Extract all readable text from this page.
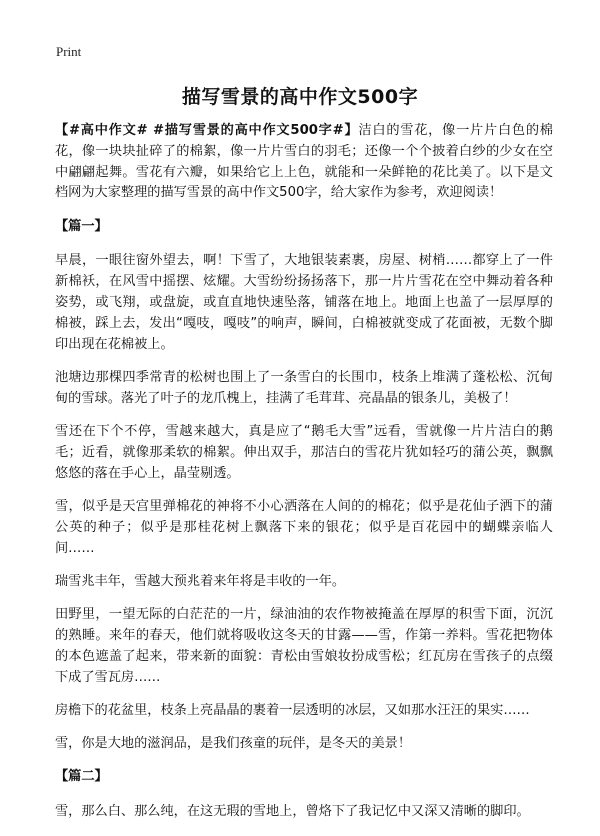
Print
描写雪景的高中作文500字

【#高中作文# #描写雪景的高中作文500字#】洁白的雪花，像一片片白色的棉花，像一块块扯碎了的棉絮，像一片片雪白的羽毛；还像一个个披着白纱的少女在空中翩翩起舞。雪花有六瓣，如果给它上上色，就能和一朵鲜艳的花比美了。以下是文档网为大家整理的描写雪景的高中作文500字，给大家作为参考，欢迎阅读！

【篇一】

早晨，一眼往窗外望去，啊！下雪了，大地银装素裹，房屋、树梢……都穿上了一件新棉袄，在风雪中摇摆、炫耀。大雪纷纷扬扬落下，那一片片雪花在空中舞动着各种姿势，或飞翔，或盘旋，或直直地快速坠落，铺落在地上。地面上也盖了一层厚厚的棉被，踩上去，发出“嘎吱，嘎吱”的响声，瞬间，白棉被就变成了花面被，无数个脚印出现在花棉被上。

池塘边那棵四季常青的松树也围上了一条雪白的长围巾，枝条上堆满了蓬松松、沉甸甸的雪球。落光了叶子的龙爪槐上，挂满了毛茸茸、亮晶晶的银条儿，美极了！

雪还在下个不停，雪越来越大，真是应了“鹅毛大雪”远看，雪就像一片片洁白的鹅毛；近看，就像那柔软的棉絮。伸出双手，那洁白的雪花片犹如轻巧的蒲公英，飘飘悠悠的落在手心上，晶莹剔透。

雪，似乎是天宫里弹棉花的神将不小心洒落在人间的的棉花；似乎是花仙子洒下的蒲公英的种子；似乎是那桂花树上飘落下来的银花；似乎是百花园中的蝴蝶亲临人间……

瑞雪兆丰年，雪越大预兆着来年将是丰收的一年。

田野里，一望无际的白茫茫的一片，绿油油的农作物被掩盖在厚厚的积雪下面，沉沉的熟睡。来年的春天，他们就将吸收这冬天的甘露——雪，作第一养料。雪花把物体的本色遮盖了起来，带来新的面貌：青松由雪娘妆扮成雪松；红瓦房在雪孩子的点缀下成了雪瓦房……

房檐下的花盆里，枝条上亮晶晶的裹着一层透明的冰层，又如那水汪汪的果实……

雪，你是大地的滋润品，是我们孩童的玩伴，是冬天的美景！

【篇二】

雪，那么白、那么纯，在这无瑕的雪地上，曾烙下了我记忆中又深又清晰的脚印。
